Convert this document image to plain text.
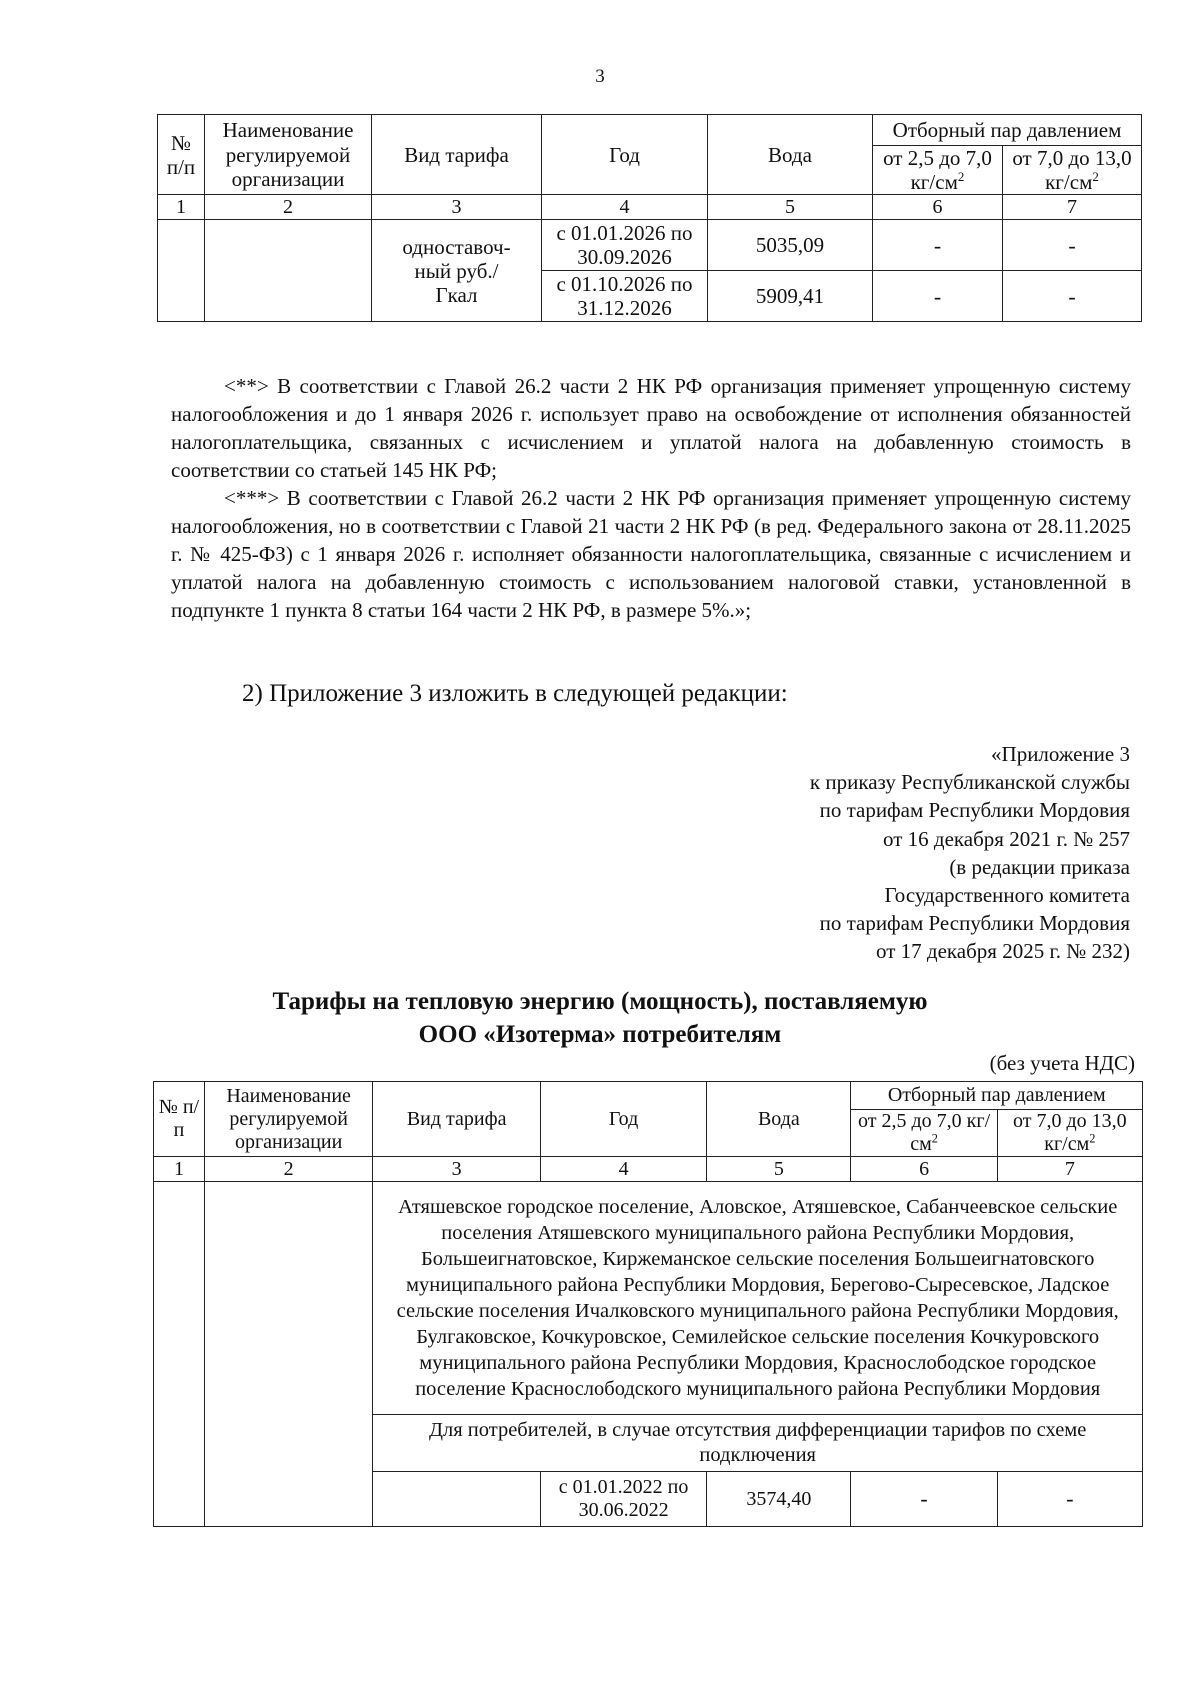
3
№ п/п	Наименование регулируемой организации	Вид тарифа	Год	Вода	Отборный пар давлением	
					от 2,5 до 7,0 $кг/см^2$	от 7,0 до 13,0 $кг/см^2$

1	2	3	4	5	6	7
		одноставоч-ный руб./Гкал	с 01.01.2026 по 30.09.2026	5035,09	-	-
			с 01.10.2026 по 31.12.2026	5909,41	-	-

<**> В соответствии с Главой 26.2 части 2 НК РФ организация применяет упрощенную систему налогообложения и до 1 января 2026 г. использует право на освобождение от исполнения обязанностей налогоплательщика, связанных с исчислением и уплатой налога на добавленную стоимость в соответствии со статьей 145 НК РФ;

<***> В соответствии с Главой 26.2 части 2 НК РФ организация применяет упрощенную систему налогообложения, но в соответствии с Главой 21 части 2 НК РФ (в ред. Федерального закона от 28.11.2025 г. № 425-ФЗ) с 1 января 2026 г. исполняет обязанности налогоплательщика, связанные с исчислением и уплатой налога на добавленную стоимость с использованием налоговой ставки, установленной в подпункте 1 пункта 8 статьи 164 части 2 НК РФ, в размере 5%.»;

2) Приложение 3 изложить в следующей редакции:
«Приложение 3
к приказу Республиканской службы
по тарифам Республики Мордовия
от 16 декабря 2021 г. № 257
(в редакции приказа
Государственного комитета
по тарифам Республики Мордовия
от 17 декабря 2025 г. № 232)
Тарифы на тепловую энергию (мощность), поставляемую
ООО «Изотерма» потребителям
(без учета НДС)
№ п/п	Наименование регулируемой организации	Вид тарифа	Год	Вода	Отборный пар давлением	
					от 2,5 до 7,0 $кг/см^2$	от 7,0 до 13,0 $кг/см^2$

1	2	3	4	5	6	7
		Атяшевское городское поселение, Аловское, Атяшевское, Сабанчеевское сельские поселения Атяшевского муниципального района Республики Мордовия, Большеигнатовское, Киржеманское сельские поселения Большеигнатовского муниципального района Республики Мордовия, Берегово-Сыресевское, Ладское сельские поселения Ичалковского муниципального района Республики Мордовия, Булгаковское, Кочкуровское, Семилейское сельские поселения Кочкуровского муниципального района Республики Мордовия, Краснослободское городское поселение Краснослободского муниципального района Республики Мордовия				
		Для потребителей, в случае отсутствия дифференциации тарифов по схеме подключения				
			с 01.01.2022 по 30.06.2022	3574,40	-	-
